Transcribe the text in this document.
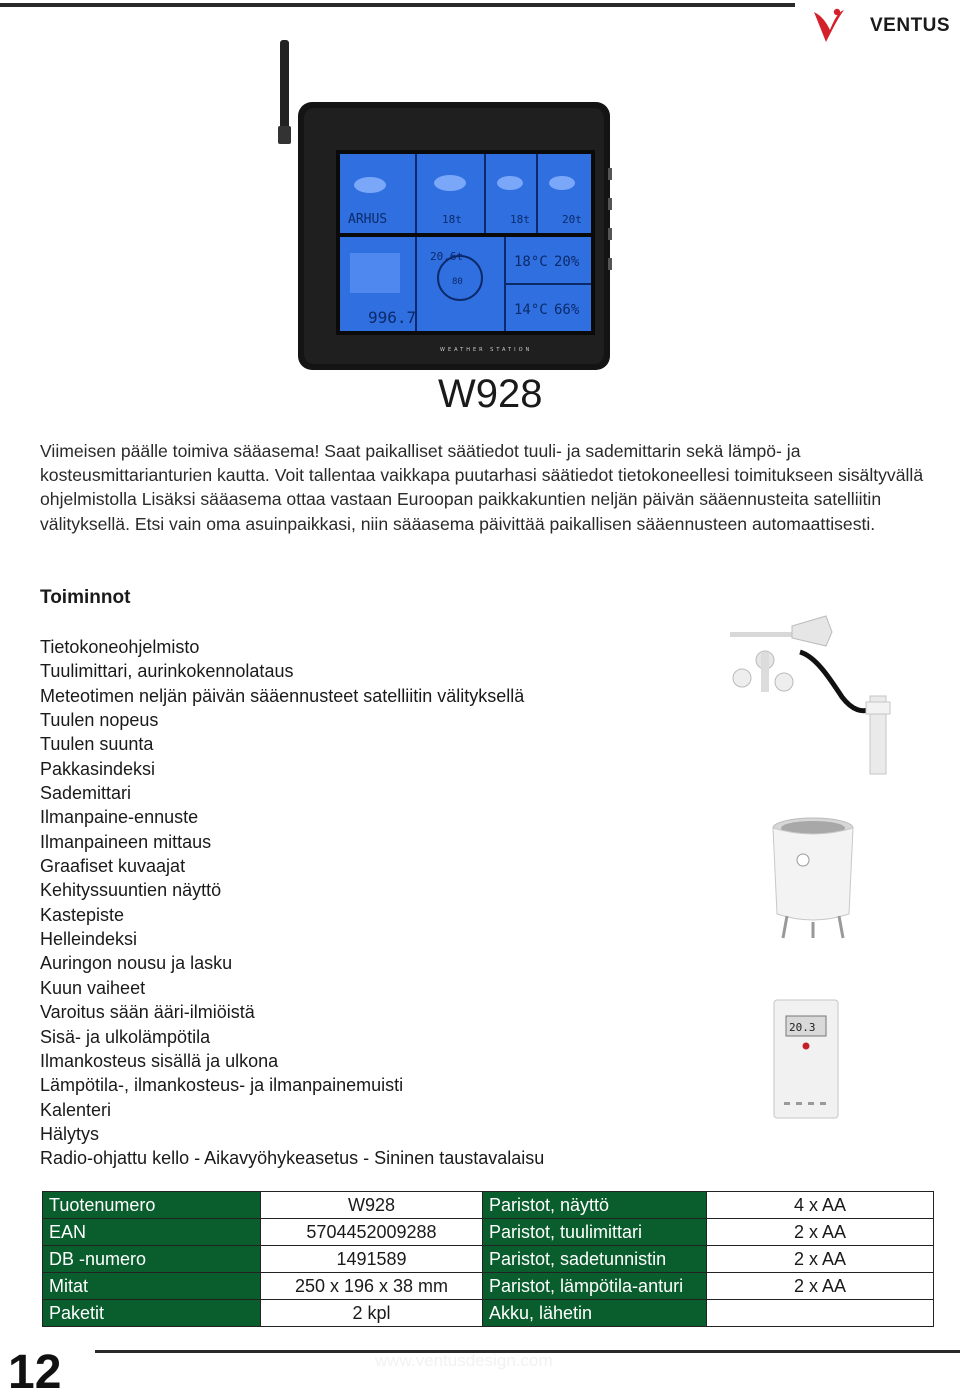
VENTUS
ARHUS
996.7
18t	18t	20t
80
20.6t	18°C 20%
14°C 66%
WEATHER STATION
W928
Viimeisen päälle toimiva sääasema! Saat paikalliset säätiedot tuuli- ja sademittarin sekä lämpö- ja kosteusmittarianturien kautta. Voit tallentaa vaikkapa puutarhasi säätiedot tietokoneellesi toimitukseen sisältyvällä ohjelmistolla Lisäksi sääasema ottaa vastaan Euroopan paikkakuntien neljän päivän sääennusteita satelliitin välityksellä. Etsi vain oma asuinpaikkasi, niin sääasema päivittää paikallisen sääennusteen automaattisesti.
Toiminnot
Tietokoneohjelmisto
Tuulimittari, aurinkokennolataus
Meteotimen neljän päivän sääennusteet satelliitin välityksellä
Tuulen nopeus
Tuulen suunta
Pakkasindeksi
Sademittari
Ilmanpaine-ennuste
Ilmanpaineen mittaus
Graafiset kuvaajat
Kehityssuuntien näyttö
Kastepiste
Helleindeksi
Auringon nousu ja lasku
Kuun vaiheet
Varoitus sään ääri-ilmiöistä
Sisä- ja ulkolämpötila
Ilmankosteus sisällä ja ulkona
Lämpötila-, ilmankosteus- ja ilmanpainemuisti
Kalenteri
Hälytys
Radio-ohjattu kello - Aikavyöhykeasetus - Sininen taustavalaisu
20.3
Tuotenumero	W928	Paristot, näyttö	4 x AA
EAN	5704452009288	Paristot, tuulimittari	2 x AA
DB -numero	1491589	Paristot, sadetunnistin	2 x AA
Mitat	250 x 196 x 38 mm	Paristot, lämpötila-anturi	2 x AA
Paketit	2 kpl	Akku, lähetin	
12	www.ventusdesign.com
